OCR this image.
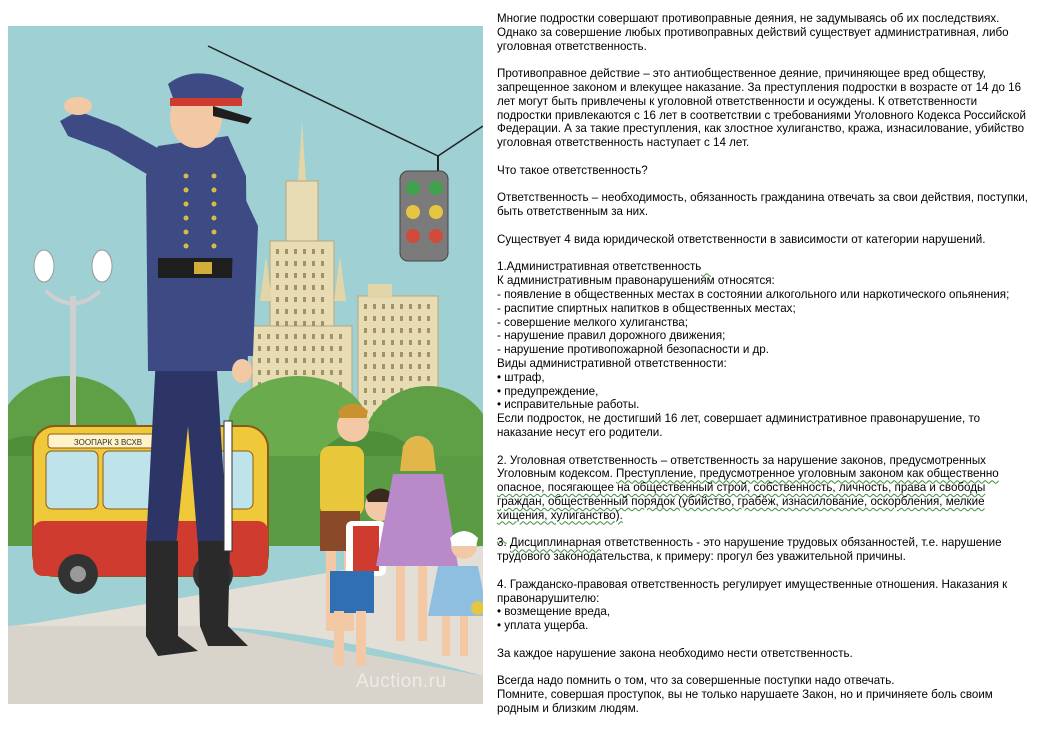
ЗООПАРК 3 ВСХВ
Auction.ru

Многие подростки совершают противоправные деяния, не задумываясь об их последствиях.

Однако за совершение любых противоправных действий существует административная, либо

уголовная ответственность.

Противоправное действие – это антиобщественное деяние, причиняющее вред обществу,

запрещенное законом и влекущее наказание. За преступления подростки в возрасте от 14 до 16

лет могут быть привлечены к уголовной ответственности и осуждены. К ответственности

подростки привлекаются с 16 лет в соответствии с требованиями Уголовного Кодекса Российской

Федерации. А за такие преступления, как злостное хулиганство, кража, изнасилование, убийство

уголовная ответственность наступает с 14 лет.

Что такое ответственность?

Ответственность – необходимость, обязанность гражданина отвечать за свои действия, поступки,

быть ответственным за них.

Существует 4 вида юридической ответственности в зависимости от категории нарушений.

1.Административная ответственность

К административным правонарушениям относятся:

- появление в общественных местах в состоянии алкогольного или наркотического опьянения;

- распитие спиртных напитков в общественных местах;

- совершение мелкого хулиганства;

- нарушение правил дорожного движения;

- нарушение противопожарной безопасности и др.

Виды административной ответственности:

• штраф,

• предупреждение,

• исправительные работы.

Если подросток, не достигший 16 лет, совершает административное правонарушение, то

наказание несут его родители.

2. Уголовная ответственность – ответственность за нарушение законов, предусмотренных

Уголовным кодексом. Преступление, предусмотренное уголовным законом как общественно

опасное, посягающее на общественный строй, собственность, личность, права и свободы

граждан, общественный порядок (убийство, грабёж, изнасилование, оскорбления, мелкие

хищения, хулиганство).

3. Дисциплинарная ответственность - это нарушение трудовых обязанностей, т.е. нарушение

трудового законодательства, к примеру: прогул без уважительной причины.

4. Гражданско-правовая ответственность регулирует имущественные отношения. Наказания к

правонарушителю:

• возмещение вреда,

• уплата ущерба.

За каждое нарушение закона необходимо нести ответственность.

Всегда надо помнить о том, что за совершенные поступки надо отвечать.

Помните, совершая проступок, вы не только нарушаете Закон, но и причиняете боль своим

родным и близким людям.
